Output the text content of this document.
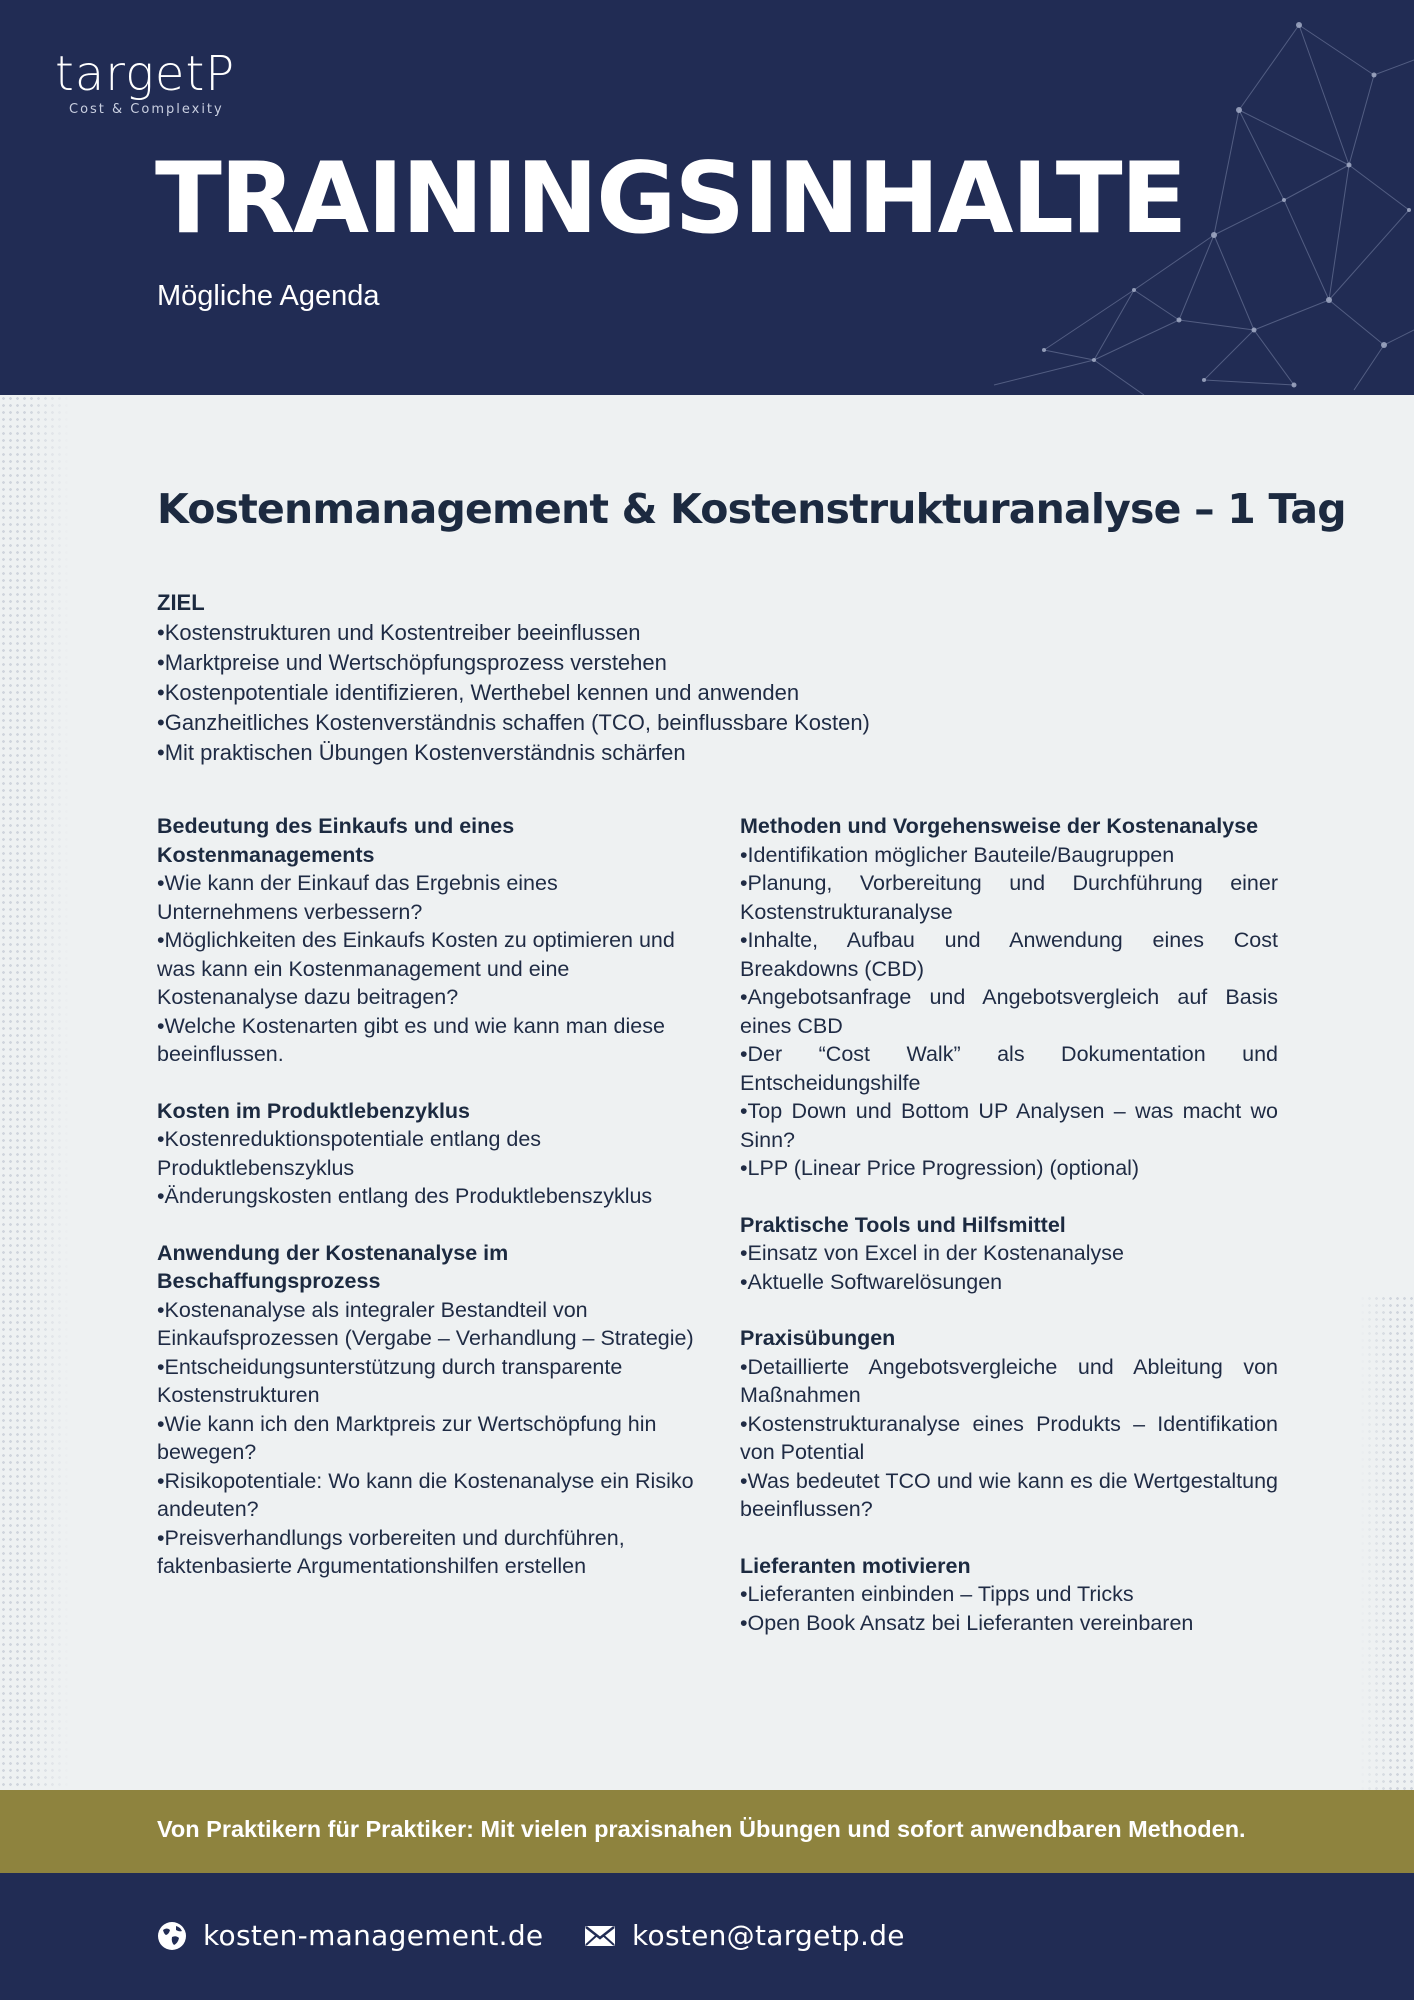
targetP
Cost & Complexity
TRAININGSINHALTE
Mögliche Agenda
Kostenmanagement & Kostenstrukturanalyse – 1 Tag
ZIEL
•Kostenstrukturen und Kostentreiber beeinflussen
•Marktpreise und Wertschöpfungsprozess verstehen
•Kostenpotentiale identifizieren, Werthebel kennen und anwenden
•Ganzheitliches Kostenverständnis schaffen (TCO, beinflussbare Kosten)
•Mit praktischen Übungen Kostenverständnis schärfen
Bedeutung des Einkaufs und eines Kostenmanagements
•Wie kann der Einkauf das Ergebnis eines Unternehmens verbessern?
•Möglichkeiten des Einkaufs Kosten zu optimieren und was kann ein Kostenmanagement und eine Kostenanalyse dazu beitragen?
•Welche Kostenarten gibt es und wie kann man diese beeinflussen.
Kosten im Produktlebenzyklus
•Kostenreduktionspotentiale entlang des Produktlebenszyklus
•Änderungskosten entlang des Produktlebenszyklus
Anwendung der Kostenanalyse im Beschaffungsprozess
•Kostenanalyse als integraler Bestandteil von Einkaufsprozessen (Vergabe – Verhandlung – Strategie)
•Entscheidungsunterstützung durch transparente Kostenstrukturen
•Wie kann ich den Marktpreis zur Wertschöpfung hin bewegen?
•Risikopotentiale: Wo kann die Kostenanalyse ein Risiko andeuten?
•Preisverhandlungs vorbereiten und durchführen, faktenbasierte Argumentationshilfen erstellen
Methoden und Vorgehensweise der Kostenanalyse
•Identifikation möglicher Bauteile/Baugruppen
•Planung, Vorbereitung und Durchführung einer Kostenstrukturanalyse
•Inhalte, Aufbau und Anwendung eines Cost Breakdowns (CBD)
•Angebotsanfrage und Angebotsvergleich auf Basis eines CBD
•Der “Cost Walk” als Dokumentation und Entscheidungshilfe
•Top Down und Bottom UP Analysen – was macht wo Sinn?
•LPP (Linear Price Progression) (optional)
Praktische Tools und Hilfsmittel
•Einsatz von Excel in der Kostenanalyse
•Aktuelle Softwarelösungen
Praxisübungen
•Detaillierte Angebotsvergleiche und Ableitung von Maßnahmen
•Kostenstrukturanalyse eines Produkts – Identifikation von Potential
•Was bedeutet TCO und wie kann es die Wertgestaltung beeinflussen?
Lieferanten motivieren
•Lieferanten einbinden – Tipps und Tricks
•Open Book Ansatz bei Lieferanten vereinbaren
Von Praktikern für Praktiker: Mit vielen praxisnahen Übungen und sofort anwendbaren Methoden.
kosten-management.de	kosten@targetp.de
